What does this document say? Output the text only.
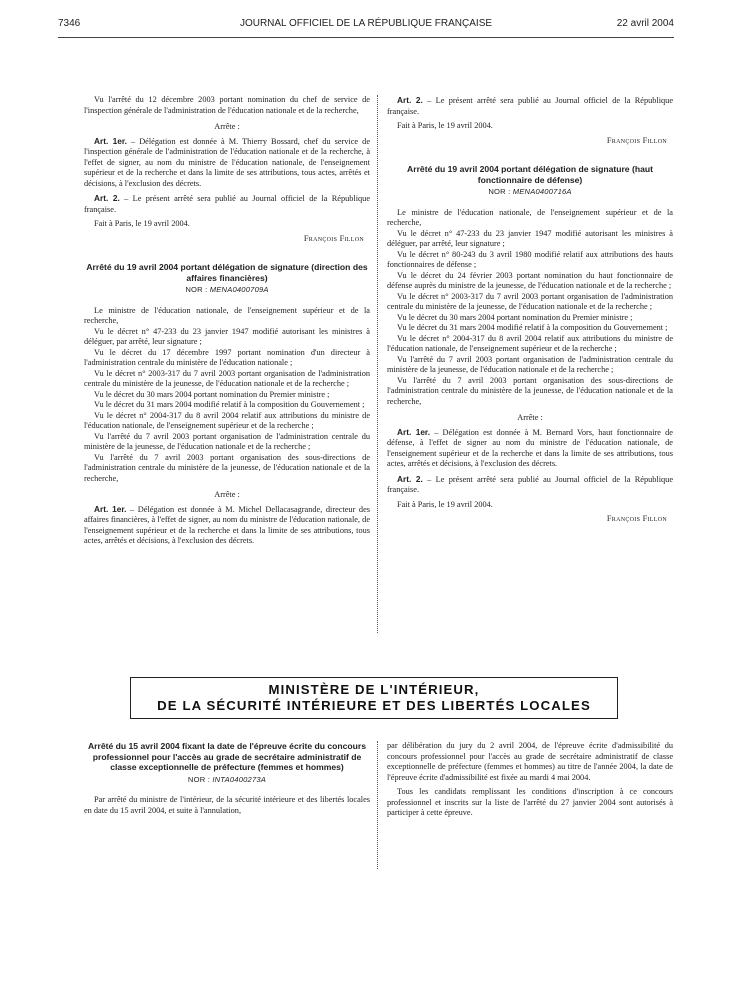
7346	JOURNAL OFFICIEL DE LA RÉPUBLIQUE FRANÇAISE	22 avril 2004

Vu l'arrêté du 12 décembre 2003 portant nomination du chef de service de l'inspection générale de l'administration de l'éducation nationale et de la recherche,

Arrête :

Art. 1er. – Délégation est donnée à M. Thierry Bossard, chef du service de l'inspection générale de l'administration de l'éducation nationale et de la recherche, à l'effet de signer, au nom du ministre de l'éducation nationale, de l'enseignement supérieur et de la recherche et dans la limite de ses attributions, tous actes, arrêtés et décisions, à l'exclusion des décrets.

Art. 2. – Le présent arrêté sera publié au Journal officiel de la République française.

Fait à Paris, le 19 avril 2004.

François Fillon

Arrêté du 19 avril 2004 portant délégation de signature (direction des affaires financières)

NOR : MENA0400709A

Le ministre de l'éducation nationale, de l'enseignement supérieur et de la recherche,

Vu le décret n° 47-233 du 23 janvier 1947 modifié autorisant les ministres à déléguer, par arrêté, leur signature ;

Vu le décret du 17 décembre 1997 portant nomination d'un directeur à l'administration centrale du ministère de l'éducation nationale ;

Vu le décret n° 2003-317 du 7 avril 2003 portant organisation de l'administration centrale du ministère de la jeunesse, de l'éducation nationale et de la recherche ;

Vu le décret du 30 mars 2004 portant nomination du Premier ministre ;

Vu le décret du 31 mars 2004 modifié relatif à la composition du Gouvernement ;

Vu le décret n° 2004-317 du 8 avril 2004 relatif aux attributions du ministre de l'éducation nationale, de l'enseignement supérieur et de la recherche ;

Vu l'arrêté du 7 avril 2003 portant organisation de l'administration centrale du ministère de la jeunesse, de l'éducation nationale et de la recherche ;

Vu l'arrêté du 7 avril 2003 portant organisation des sous-directions de l'administration centrale du ministère de la jeunesse, de l'éducation nationale et de la recherche,

Arrête :

Art. 1er. – Délégation est donnée à M. Michel Dellacasagrande, directeur des affaires financières, à l'effet de signer, au nom du ministre de l'éducation nationale, de l'enseignement supérieur et de la recherche et dans la limite de ses attributions, tous actes, arrêtés et décisions, à l'exclusion des décrets.

Art. 2. – Le présent arrêté sera publié au Journal officiel de la République française.

Fait à Paris, le 19 avril 2004.

François Fillon

Arrêté du 19 avril 2004 portant délégation de signature (haut fonctionnaire de défense)

NOR : MENA0400716A

Le ministre de l'éducation nationale, de l'enseignement supérieur et de la recherche,

Vu le décret n° 47-233 du 23 janvier 1947 modifié autorisant les ministres à déléguer, par arrêté, leur signature ;

Vu le décret n° 80-243 du 3 avril 1980 modifié relatif aux attributions des hauts fonctionnaires de défense ;

Vu le décret du 24 février 2003 portant nomination du haut fonctionnaire de défense auprès du ministre de la jeunesse, de l'éducation nationale et de la recherche ;

Vu le décret n° 2003-317 du 7 avril 2003 portant organisation de l'administration centrale du ministère de la jeunesse, de l'éducation nationale et de la recherche ;

Vu le décret du 30 mars 2004 portant nomination du Premier ministre ;

Vu le décret du 31 mars 2004 modifié relatif à la composition du Gouvernement ;

Vu le décret n° 2004-317 du 8 avril 2004 relatif aux attributions du ministre de l'éducation nationale, de l'enseignement supérieur et de la recherche ;

Vu l'arrêté du 7 avril 2003 portant organisation de l'administration centrale du ministère de la jeunesse, de l'éducation nationale et de la recherche ;

Vu l'arrêté du 7 avril 2003 portant organisation des sous-directions de l'administration centrale du ministère de la jeunesse, de l'éducation nationale et de la recherche,

Arrête :

Art. 1er. – Délégation est donnée à M. Bernard Vors, haut fonctionnaire de défense, à l'effet de signer au nom du ministre de l'éducation nationale, de l'enseignement supérieur et de la recherche et dans la limite de ses attributions, tous actes, arrêtés et décisions, à l'exclusion des décrets.

Art. 2. – Le présent arrêté sera publié au Journal officiel de la République française.

Fait à Paris, le 19 avril 2004.

François Fillon

MINISTÈRE DE L'INTÉRIEUR,
DE LA SÉCURITÉ INTÉRIEURE ET DES LIBERTÉS LOCALES

Arrêté du 15 avril 2004 fixant la date de l'épreuve écrite du concours professionnel pour l'accès au grade de secrétaire administratif de classe exceptionnelle de préfecture (femmes et hommes)

NOR : INTA0400273A

Par arrêté du ministre de l'intérieur, de la sécurité intérieure et des libertés locales en date du 15 avril 2004, et suite à l'annulation,

par délibération du jury du 2 avril 2004, de l'épreuve écrite d'admissibilité du concours professionnel pour l'accès au grade de secrétaire administratif de classe exceptionnelle de préfecture (femmes et hommes) au titre de l'année 2004, la date de l'épreuve écrite d'admissibilité est fixée au mardi 4 mai 2004.

Tous les candidats remplissant les conditions d'inscription à ce concours professionnel et inscrits sur la liste de l'arrêté du 27 janvier 2004 sont autorisés à participer à cette épreuve.
